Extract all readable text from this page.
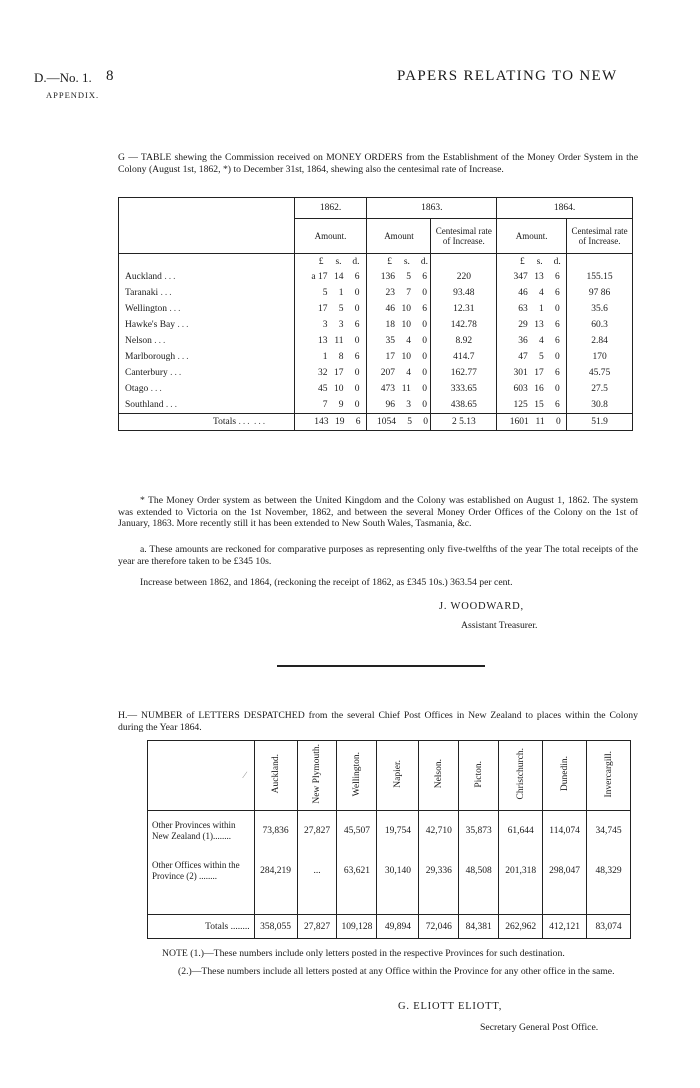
D.—No. 1.
APPENDIX.
8	PAPERS RELATING TO NEW
G — TABLE shewing the Commission received on MONEY ORDERS from the Establishment of the Money Order System in the Colony (August 1st, 1862, *) to December 31st, 1864, shewing also the centesimal rate of Increase.
	1862.	1863.		1864.	
	Amount.	Amount	Centesimal rate of Increase.	Amount.	Centesimal rate of Increase.

	£ s. d.	£ s. d.		£ s. d.	

Auckland ...	a 17 14 6	136 5 6	220	347 13 6	155.15
Taranaki ...	5 1 0	23 7 0	93.48	46 4 6	97 86
Wellington ...	17 5 0	46 10 6	12.31	63 1 0	35.6
Hawke's Bay ...	3 3 6	18 10 0	142.78	29 13 6	60.3
Nelson ...	13 11 0	35 4 0	8.92	36 4 6	2.84
Marlborough ...	1 8 6	17 10 0	414.7	47 5 0	170
Canterbury ...	32 17 0	207 4 0	162.77	301 17 6	45.75
Otago ...	45 10 0	473 11 0	333.65	603 16 0	27.5
Southland ...	7 9 0	96 3 0	438.65	125 15 6	30.8
Totals ... ...	143 19 6	1054 5 0	2 5.13	1601 11 0	51.9
* The Money Order system as between the United Kingdom and the Colony was established on August 1, 1862. The system was extended to Victoria on the 1st November, 1862, and between the several Money Order Offices of the Colony on the 1st of January, 1863. More recently still it has been extended to New South Wales, Tasmania, &c.
a. These amounts are reckoned for comparative purposes as representing only five-twelfths of the year The total receipts of the year are therefore taken to be £345 10s.
Increase between 1862, and 1864, (reckoning the receipt of 1862, as £345 10s.) 363.54 per cent.
J. WOODWARD,
Assistant Treasurer.
H.— NUMBER of LETTERS DESPATCHED from the several Chief Post Offices in New Zealand to places within the Colony during the Year 1864.
∕	Auckland.	New Plymouth.	Wellington.	Napier.	Nelson.	Picton.	Christchurch.	Dunedin.	Invercargill.
Other Provinces within New Zealand (1)........	73,836	27,827	45,507	19,754	42,710	35,873	61,644	114,074	34,745
Other Offices within the Province (2) ........	284,219	...	63,621	30,140	29,336	48,508	201,318	298,047	48,329

Totals ........	358,055	27,827	109,128	49,894	72,046	84,381	262,962	412,121	83,074
NOTE (1.)—These numbers include only letters posted in the respective Provinces for such destination.
(2.)—These numbers include all letters posted at any Office within the Province for any other office in the same.
G. ELIOTT ELIOTT,
Secretary General Post Office.
